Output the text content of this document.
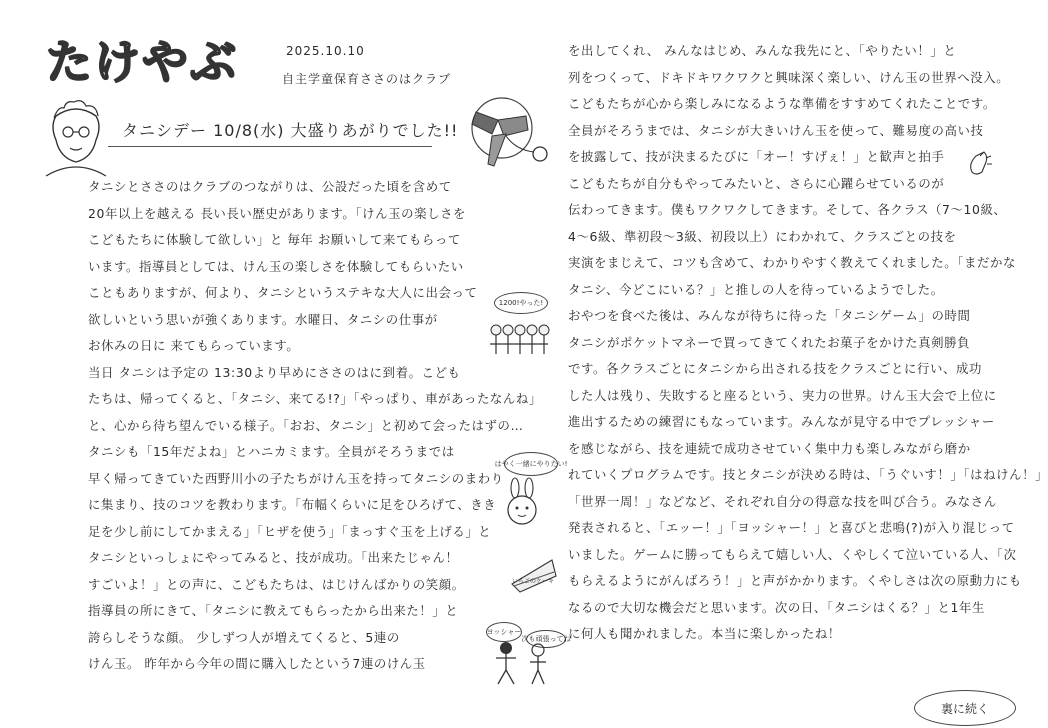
たけやぶ	2025.10.10
自主学童保育ささのはクラブ
タニシデー 10/8(水) 大盛りあがりでした!!
タニシとささのはクラブのつながりは、公設だった頃を含めて
20年以上を越える 長い長い歴史があります。「けん玉の楽しさを
こどもたちに体験して欲しい」と 毎年 お願いして来てもらって
います。指導員としては、けん玉の楽しさを体験してもらいたい
こともありますが、何より、タニシというステキな大人に出会って
欲しいという思いが強くあります。水曜日、タニシの仕事が
お休みの日に 来てもらっています。
当日 タニシは予定の 13:30より早めにささのはに到着。こども
たちは、帰ってくると、「タニシ、来てる!?」「やっぱり、車があったなんね」
と、心から待ち望んでいる様子。「おお、タニシ」と初めて会ったはずの…
タニシも「15年だよね」とハニカミます。全員がそろうまでは
早く帰ってきていた西野川小の子たちがけん玉を持ってタニシのまわり
に集まり、技のコツを教わります。「布幅くらいに足をひろげて、きき
足を少し前にしてかまえる」「ヒザを使う」「まっすぐ玉を上げる」と
タニシといっしょにやってみると、技が成功。「出来たじゃん！
すごいよ！」との声に、こどもたちは、はじけんばかりの笑顔。
指導員の所にきて、「タニシに教えてもらったから出来た！」と
誇らしそうな顔。 少しずつ人が増えてくると、5連の
けん玉。 昨年から今年の間に購入したという7連のけん玉
1200!やった!
はやく一緒にやりたい!
いちごのケーキ
ヨッシャー
次も頑張ってね
を出してくれ、 みんなはじめ、みんな我先にと、「やりたい！」と
列をつくって、ドキドキワクワクと興味深く楽しい、けん玉の世界へ没入。
こどもたちが心から楽しみになるような準備をすすめてくれたことです。
全員がそろうまでは、タニシが大きいけん玉を使って、難易度の高い技
を披露して、技が決まるたびに「オー！すげぇ！」と歓声と拍手
こどもたちが自分もやってみたいと、さらに心躍らせているのが
伝わってきます。僕もワクワクしてきます。そして、各クラス（7〜10級、
4〜6級、準初段〜3級、初段以上）にわかれて、クラスごとの技を
実演をまじえて、コツも含めて、わかりやすく教えてくれました。「まだかな
タニシ、今どこにいる？」と推しの人を待っているようでした。
おやつを食べた後は、みんなが待ちに待った「タニシゲーム」の時間
タニシがポケットマネーで買ってきてくれたお菓子をかけた真剣勝負
です。各クラスごとにタニシから出される技をクラスごとに行い、成功
した人は残り、失敗すると座るという、実力の世界。けん玉大会で上位に
進出するための練習にもなっています。みんなが見守る中でプレッシャー
を感じながら、技を連続で成功させていく集中力も楽しみながら磨か
れていくプログラムです。技とタニシが決める時は、「うぐいす！」「はねけん！」
「世界一周！」などなど、それぞれ自分の得意な技を叫び合う。みなさん
発表されると、「エッー！」「ヨッシャー！」と喜びと悲鳴(?)が入り混じって
いました。ゲームに勝ってもらえて嬉しい人、くやしくて泣いている人、「次
もらえるようにがんばろう！」と声がかかります。くやしさは次の原動力にも
なるので大切な機会だと思います。次の日、「タニシはくる？」と1年生
に何人も聞かれました。本当に楽しかったね！
裏に続く
